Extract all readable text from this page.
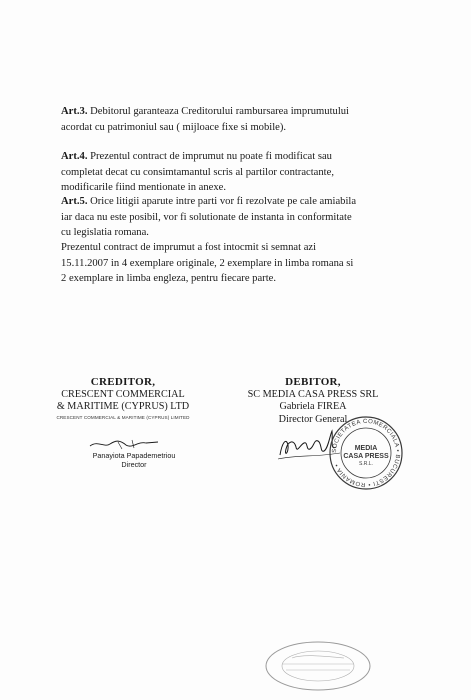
Art.3. Debitorul garanteaza Creditorului rambursarea imprumutului
acordat cu patrimoniul sau ( mijloace fixe si mobile).

Art.4. Prezentul contract de imprumut nu poate fi modificat sau
completat decat cu consimtamantul scris al partilor contractante,
modificarile fiind mentionate in anexe.

Art.5. Orice litigii aparute intre parti vor fi rezolvate pe cale amiabila
iar daca nu este posibil, vor fi solutionate de instanta in conformitate
cu legislatia romana.

Prezentul contract de imprumut a fost intocmit si semnat azi
15.11.2007 in 4 exemplare originale, 2 exemplare in limba romana si
2 exemplare in limba engleza, pentru fiecare parte.

CREDITOR,
CRESCENT COMMERCIAL
& MARITIME (CYPRUS) LTD
CRESCENT COMMERCIAL & MARITIME (CYPRUS) LIMITED
Panayiota Papademetriou
Director
DEBITOR,
SC MEDIA CASA PRESS SRL
Gabriela FIREA
Director General
SOCIETATEA COMERCIALA • BUCURESTI • ROMANIA •
MEDIA
CASA PRESS
S.R.L.
